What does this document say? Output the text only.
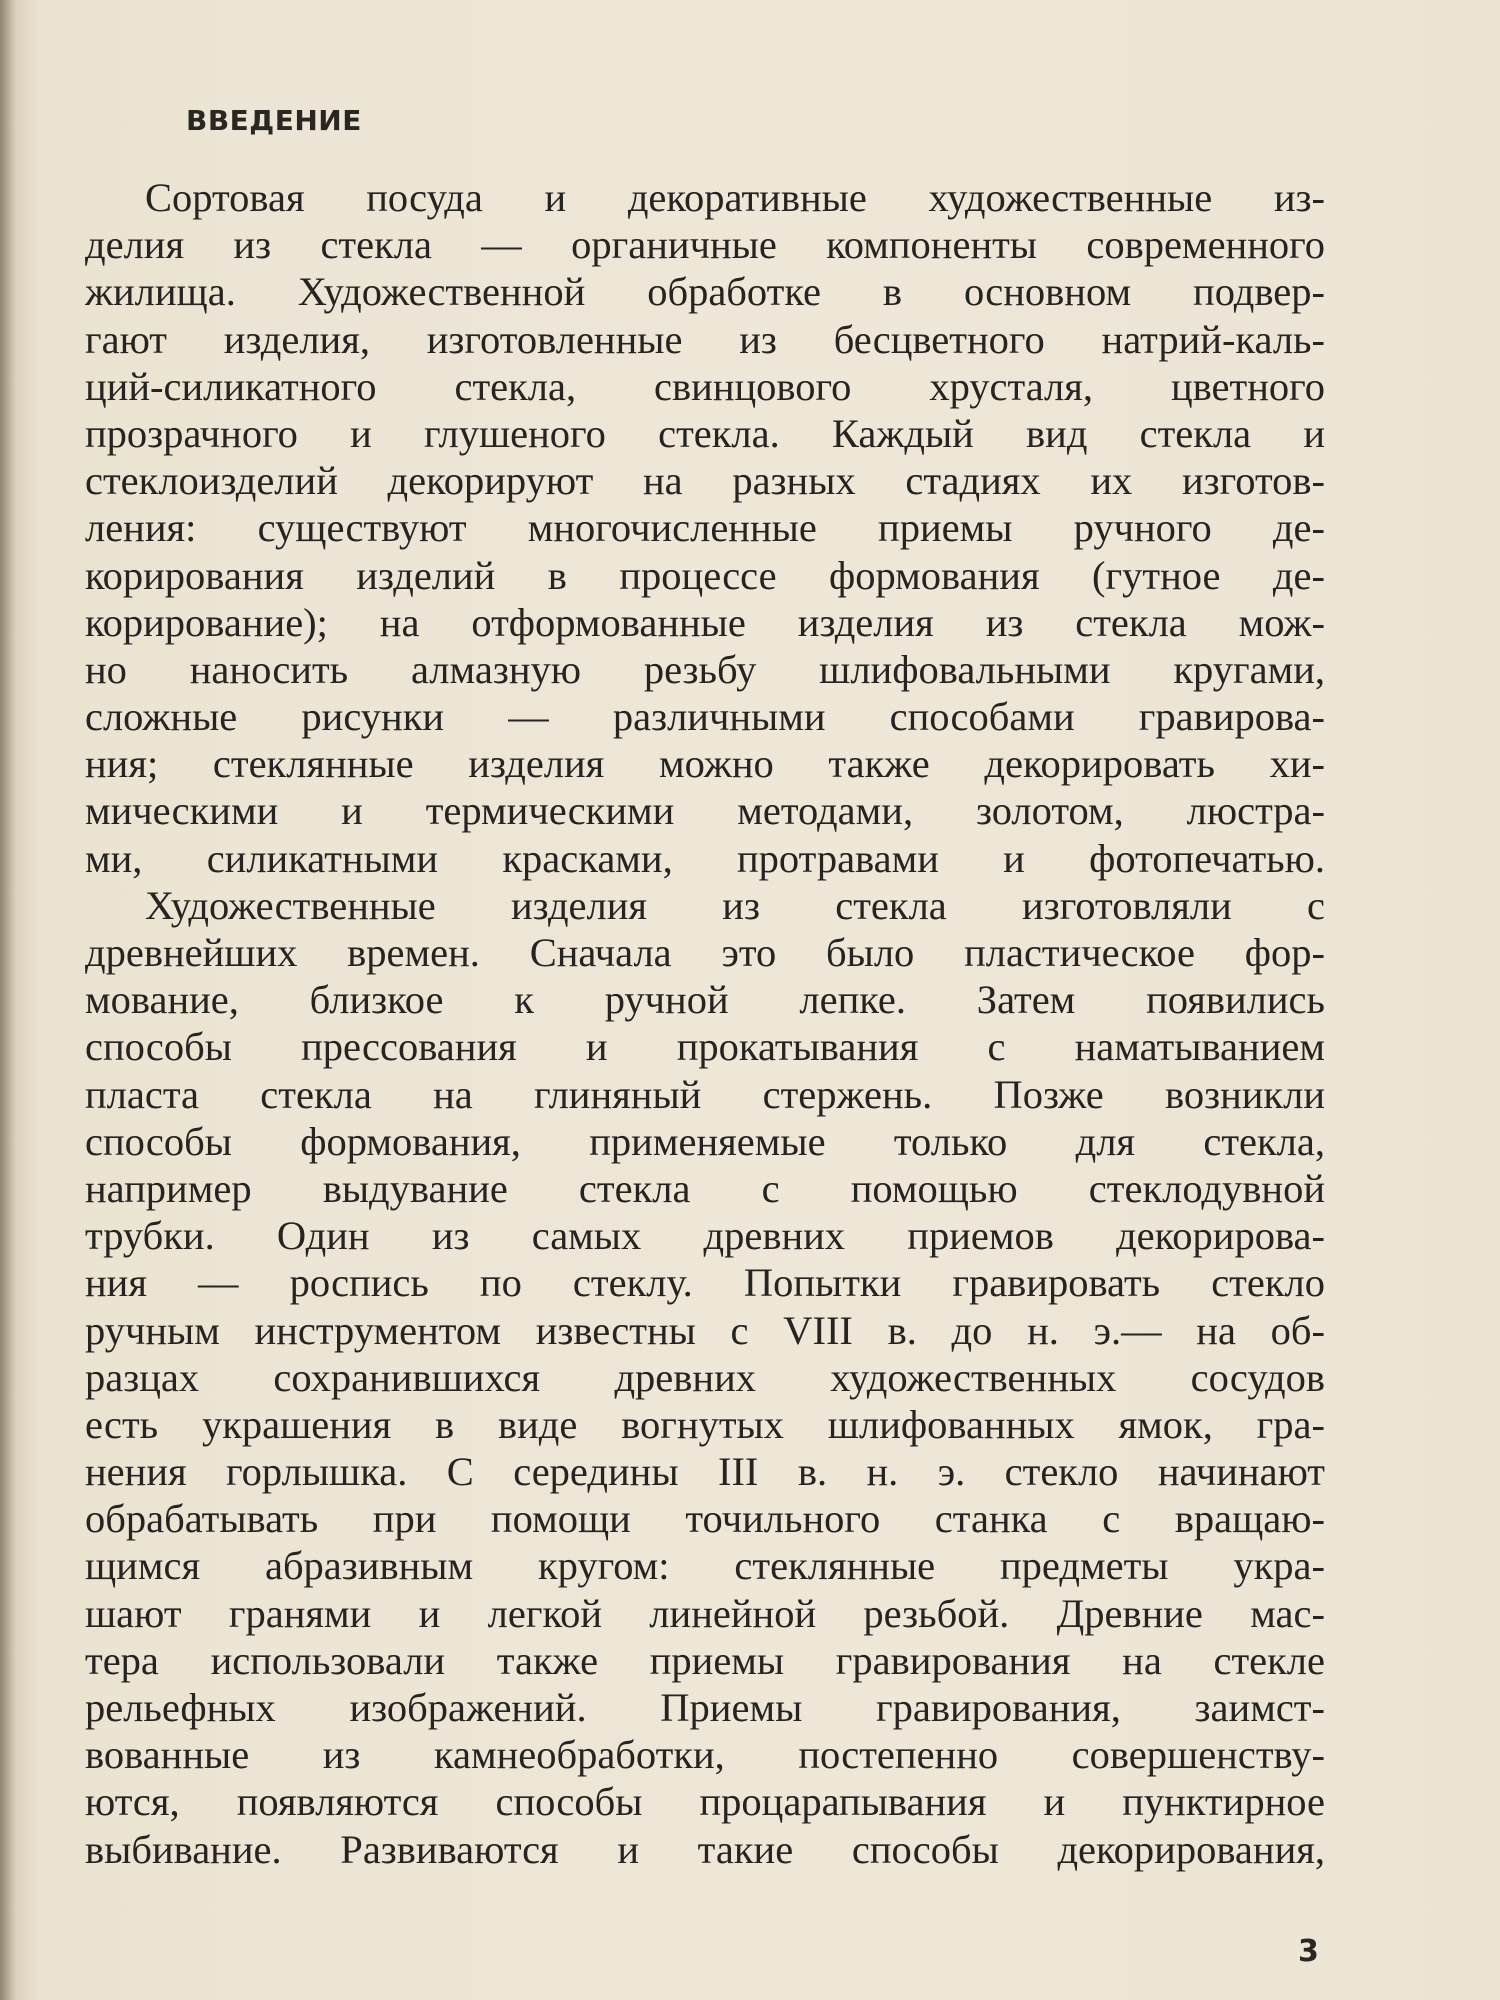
ВВЕДЕНИЕ
Сортовая посуда и декоративные художественные из-
делия из стекла — органичные компоненты современного
жилища. Художественной обработке в основном подвер-
гают изделия, изготовленные из бесцветного натрий-каль-
ций-силикатного стекла, свинцового хрусталя, цветного
прозрачного и глушеного стекла. Каждый вид стекла и
стеклоизделий декорируют на разных стадиях их изготов-
ления: существуют многочисленные приемы ручного де-
корирования изделий в процессе формования (гутное де-
корирование); на отформованные изделия из стекла мож-
но наносить алмазную резьбу шлифовальными кругами,
сложные рисунки — различными способами гравирова-
ния; стеклянные изделия можно также декорировать хи-
мическими и термическими методами, золотом, люстра-
ми, силикатными красками, протравами и фотопечатью.
Художественные изделия из стекла изготовляли с
древнейших времен. Сначала это было пластическое фор-
мование, близкое к ручной лепке. Затем появились
способы прессования и прокатывания с наматыванием
пласта стекла на глиняный стержень. Позже возникли
способы формования, применяемые только для стекла,
например выдувание стекла с помощью стеклодувной
трубки. Один из самых древних приемов декорирова-
ния — роспись по стеклу. Попытки гравировать стекло
ручным инструментом известны с VIII в. до н. э.— на об-
разцах сохранившихся древних художественных сосудов
есть украшения в виде вогнутых шлифованных ямок, гра-
нения горлышка. С середины III в. н. э. стекло начинают
обрабатывать при помощи точильного станка с вращаю-
щимся абразивным кругом: стеклянные предметы укра-
шают гранями и легкой линейной резьбой. Древние мас-
тера использовали также приемы гравирования на стекле
рельефных изображений. Приемы гравирования, заимст-
вованные из камнеобработки, постепенно совершенству-
ются, появляются способы процарапывания и пунктирное
выбивание. Развиваются и такие способы декорирования,
3
